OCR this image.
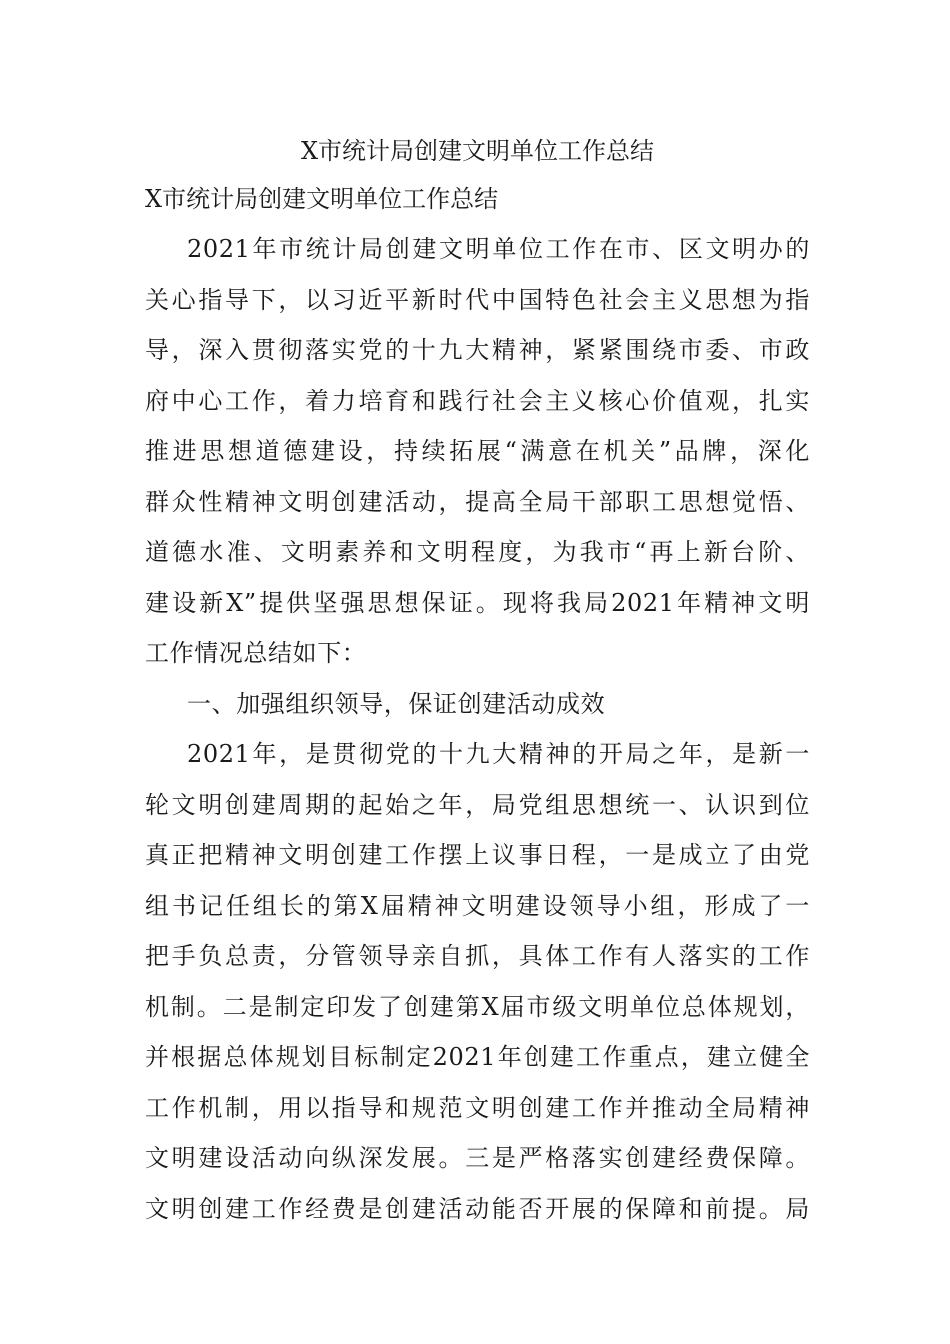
X市统计局创建文明单位工作总结
X市统计局创建文明单位工作总结

2021年市统计局创建文明单位工作在市、区文明办的
关心指导下，以习近平新时代中国特色社会主义思想为指
导，深入贯彻落实党的十九大精神，紧紧围绕市委、市政
府中心工作，着力培育和践行社会主义核心价值观，扎实
推进思想道德建设，持续拓展“满意在机关”品牌，深化
群众性精神文明创建活动，提高全局干部职工思想觉悟、
道德水准、文明素养和文明程度，为我市“再上新台阶、
建设新X”提供坚强思想保证。现将我局2021年精神文明
工作情况总结如下：

一、加强组织领导，保证创建活动成效

2021年，是贯彻党的十九大精神的开局之年，是新一
轮文明创建周期的起始之年，局党组思想统一、认识到位
真正把精神文明创建工作摆上议事日程，一是成立了由党
组书记任组长的第X届精神文明建设领导小组，形成了一
把手负总责，分管领导亲自抓，具体工作有人落实的工作
机制。二是制定印发了创建第X届市级文明单位总体规划，
并根据总体规划目标制定2021年创建工作重点，建立健全
工作机制，用以指导和规范文明创建工作并推动全局精神
文明建设活动向纵深发展。三是严格落实创建经费保障。
文明创建工作经费是创建活动能否开展的保障和前提。局
